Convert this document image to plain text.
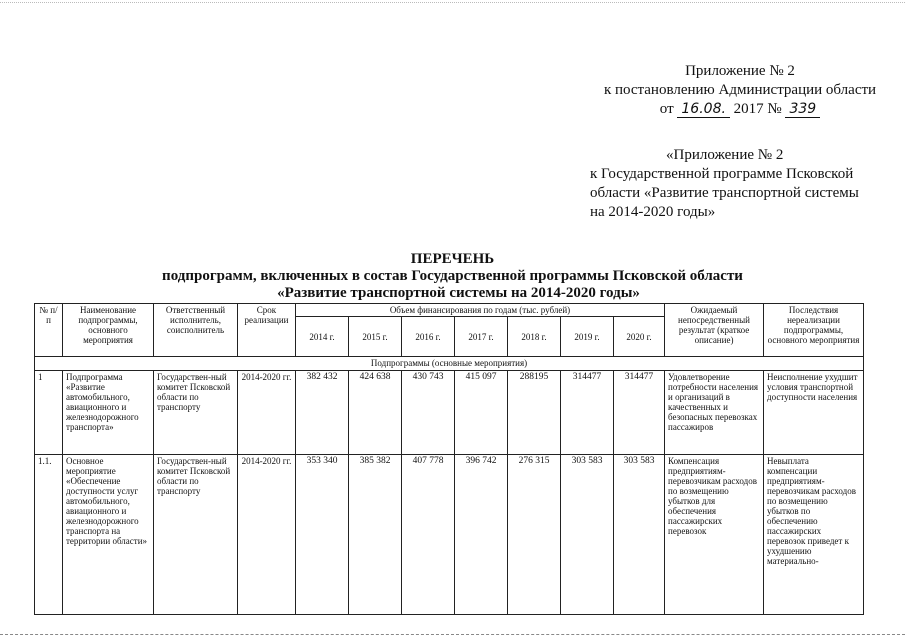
Приложение № 2
к постановлению Администрации области
от 16.08. 2017 № 339
«Приложение № 2
к Государственной программе Псковской
области «Развитие транспортной системы
на 2014-2020 годы»
ПЕРЕЧЕНЬ
подпрограмм, включенных в состав Государственной программы Псковской области
«Развитие транспортной системы на 2014-2020 годы»
№ п/п	Наименование подпрограммы, основного мероприятия	Ответственный исполнитель, соисполнитель	Срок реализации	Объем финансирования по годам (тыс. рублей)							Ожидаемый непосредственный результат (краткое описание)	Последствия нереализации подпрограммы, основного мероприятия
				2014 г.	2015 г.	2016 г.	2017 г.	2018 г.	2019 г.	2020 г.		
Подпрограммы (основные мероприятия)												
1	Подпрограмма «Развитие автомобильного, авиационного и железнодорожного транспорта»	Государствен-ный комитет Псковской области по транспорту	2014-2020 гг.	382 432	424 638	430 743	415 097	288195	314477	314477	Удовлетворение потребности населения и организаций в качественных и безопасных перевозках пассажиров	Неисполнение ухудшит условия транспортной доступности населения
1.1.	Основное мероприятие «Обеспечение доступности услуг автомобильного, авиационного и железнодорожного транспорта на территории области»	Государствен-ный комитет Псковской области по транспорту	2014-2020 гг.	353 340	385 382	407 778	396 742	276 315	303 583	303 583	Компенсация предприятиям-перевозчикам расходов по возмещению убытков для обеспечения пассажирских перевозок	Невыплата компенсации предприятиям-перевозчикам расходов по возмещению убытков по обеспечению пассажирских перевозок приведет к ухудшению материально-
